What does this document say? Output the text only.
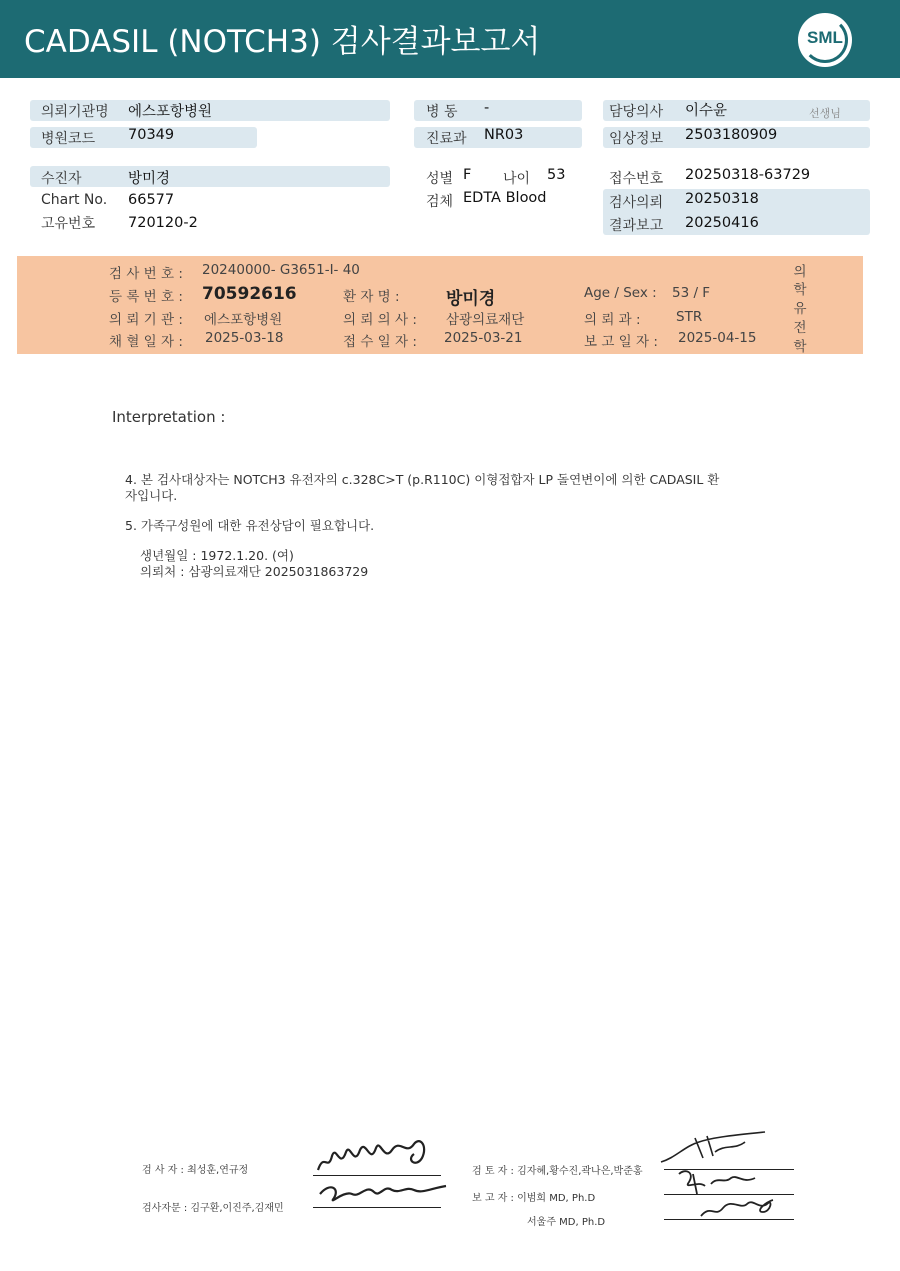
CADASIL (NOTCH3) 검사결과보고서	SML
의뢰기관명 에스포항병원
병원코드 70349
수진자	방미경
Chart No. 66577
고유번호 720120-2
병 동 -
진료과 NR03
성별 F 나이 53
검체 EDTA Blood
담당의사 이수윤	선생님
임상정보 2503180909
접수번호 20250318-63729
검사의뢰 20250318
결과보고 20250416
검 사 번 호 : 20240000- G3651-I- 40
등 록 번 호 : 70592616	환 자 명 :	방미경	Age / Sex : 53 / F
의 뢰 기 관 : 에스포항병원	의 뢰 의 사 : 삼광의료재단	의 뢰 과 :	STR
채 혈 일 자 : 2025-03-18	접 수 일 자 : 2025-03-21	보 고 일 자 : 2025-04-15
의
학
유
전
학
Interpretation :
4. 본 검사대상자는 NOTCH3 유전자의 c.328C>T (p.R110C) 이형접합자 LP 돌연변이에 의한 CADASIL 환
자입니다.
5. 가족구성원에 대한 유전상담이 필요합니다.
생년월일 : 1972.1.20. (여)
의뢰처 : 삼광의료재단 2025031863729
검 사 자 : 최성훈,연규정
검사자문 : 김구환,이진주,김재민
검 토 자 : 김자혜,황수진,곽나은,박준홍
보 고 자 : 이범희 MD, Ph.D
서울주 MD, Ph.D
